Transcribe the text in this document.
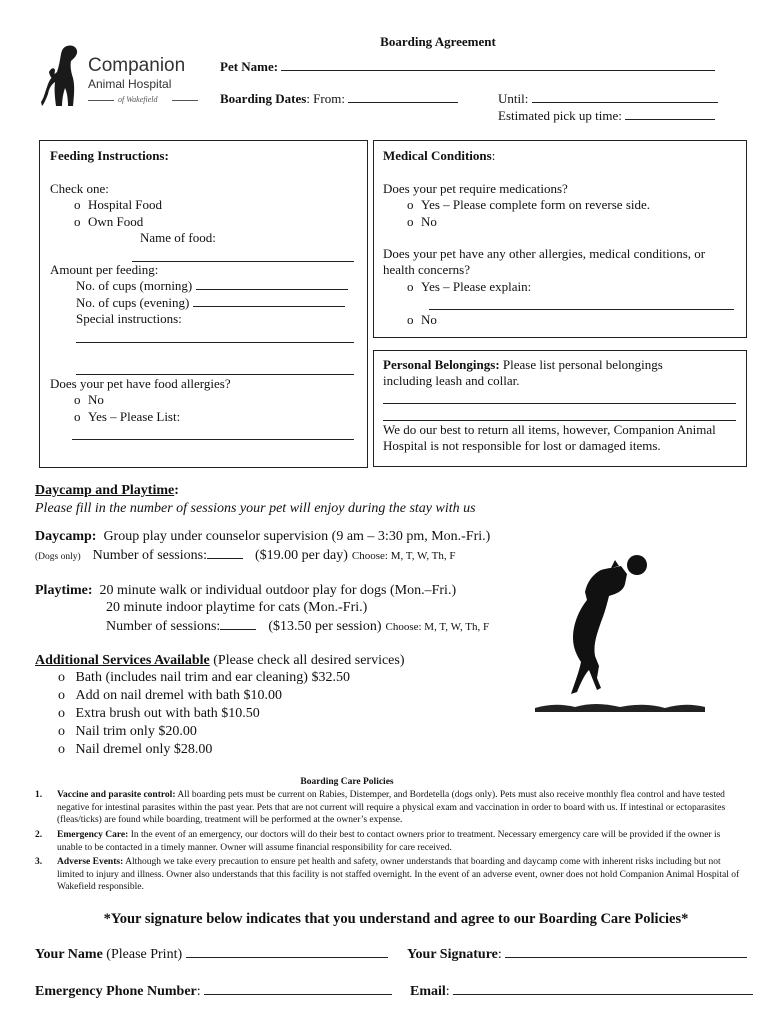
Boarding Agreement
Companion
Animal Hospital
of Wakefield
Pet Name:
Boarding Dates: From:	Until:
Estimated pick up time:
Feeding Instructions:
Check one:
o Hospital Food
o Own Food
Name of food:
Amount per feeding:
No. of cups (morning)
No. of cups (evening)
Special instructions:
Does your pet have food allergies?
o No
o Yes – Please List:
Medical Conditions:
Does your pet require medications?
o Yes – Please complete form on reverse side.
o No
Does your pet have any other allergies, medical conditions, or health concerns?
o Yes – Please explain:
o No
Personal Belongings: Please list personal belongings including leash and collar.
We do our best to return all items, however, Companion Animal Hospital is not responsible for lost or damaged items.
Daycamp and Playtime:
Please fill in the number of sessions your pet will enjoy during the stay with us
Daycamp: Group play under counselor supervision (9 am – 3:30 pm, Mon.-Fri.)
(Dogs only) Number of sessions:	($19.00 per day) Choose: M, T, W, Th, F
Playtime: 20 minute walk or individual outdoor play for dogs (Mon.–Fri.)
20 minute indoor playtime for cats (Mon.-Fri.)
Number of sessions:	($13.50 per session) Choose: M, T, W, Th, F
Additional Services Available (Please check all desired services)
o Bath (includes nail trim and ear cleaning) $32.50
o Add on nail dremel with bath $10.00
o Extra brush out with bath $10.50
o Nail trim only $20.00
o Nail dremel only $28.00
Boarding Care Policies
1. Vaccine and parasite control: All boarding pets must be current on Rabies, Distemper, and Bordetella (dogs only). Pets must also receive monthly flea control and have tested negative for intestinal parasites within the past year. Pets that are not current will require a physical exam and vaccination in order to board with us. If intestinal or ectoparasites (fleas/ticks) are found while boarding, treatment will be performed at the owner’s expense.
2. Emergency Care: In the event of an emergency, our doctors will do their best to contact owners prior to treatment. Necessary emergency care will be provided if the owner is unable to be contacted in a timely manner. Owner will assume financial responsibility for care received.
3. Adverse Events: Although we take every precaution to ensure pet health and safety, owner understands that boarding and daycamp come with inherent risks including but not limited to injury and illness. Owner also understands that this facility is not staffed overnight. In the event of an adverse event, owner does not hold Companion Animal Hospital of Wakefield responsible.
*Your signature below indicates that you understand and agree to our Boarding Care Policies*
Your Name (Please Print)	Your Signature:
Emergency Phone Number:	Email:
